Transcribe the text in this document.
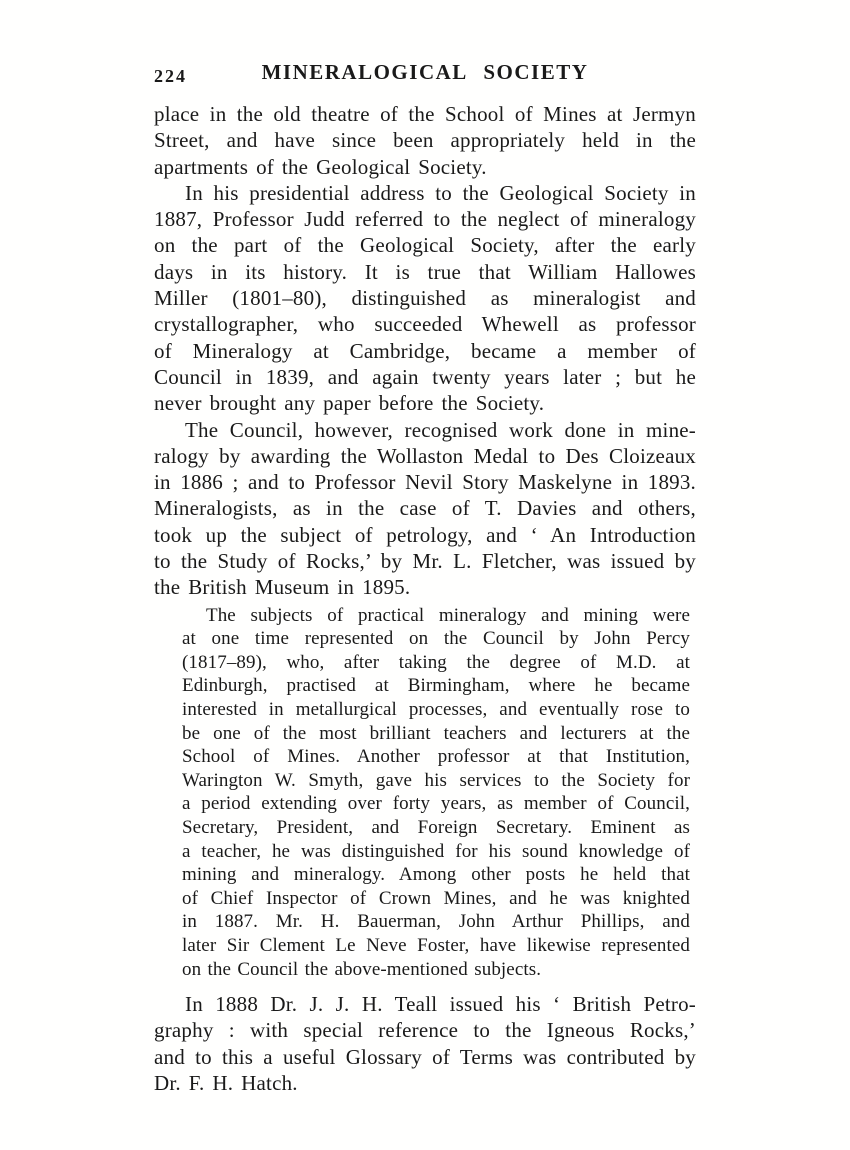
224	MINERALOGICAL SOCIETY
place in the old theatre of the School of Mines at Jermyn
Street, and have since been appropriately held in the
apartments of the Geological Society.
In his presidential address to the Geological Society in
1887, Professor Judd referred to the neglect of mineralogy
on the part of the Geological Society, after the early
days in its history. It is true that William Hallowes
Miller (1801–80), distinguished as mineralogist and
crystallographer, who succeeded Whewell as professor
of Mineralogy at Cambridge, became a member of
Council in 1839, and again twenty years later ; but he
never brought any paper before the Society.
The Council, however, recognised work done in mine-
ralogy by awarding the Wollaston Medal to Des Cloizeaux
in 1886 ; and to Professor Nevil Story Maskelyne in 1893.
Mineralogists, as in the case of T. Davies and others,
took up the subject of petrology, and ‘ An Introduction
to the Study of Rocks,’ by Mr. L. Fletcher, was issued by
the British Museum in 1895.
The subjects of practical mineralogy and mining were
at one time represented on the Council by John Percy
(1817–89), who, after taking the degree of M.D. at
Edinburgh, practised at Birmingham, where he became
interested in metallurgical processes, and eventually rose to
be one of the most brilliant teachers and lecturers at the
School of Mines. Another professor at that Institution,
Warington W. Smyth, gave his services to the Society for
a period extending over forty years, as member of Council,
Secretary, President, and Foreign Secretary. Eminent as
a teacher, he was distinguished for his sound knowledge of
mining and mineralogy. Among other posts he held that
of Chief Inspector of Crown Mines, and he was knighted
in 1887. Mr. H. Bauerman, John Arthur Phillips, and
later Sir Clement Le Neve Foster, have likewise represented
on the Council the above-mentioned subjects.
In 1888 Dr. J. J. H. Teall issued his ‘ British Petro-
graphy : with special reference to the Igneous Rocks,’
and to this a useful Glossary of Terms was contributed by
Dr. F. H. Hatch.
